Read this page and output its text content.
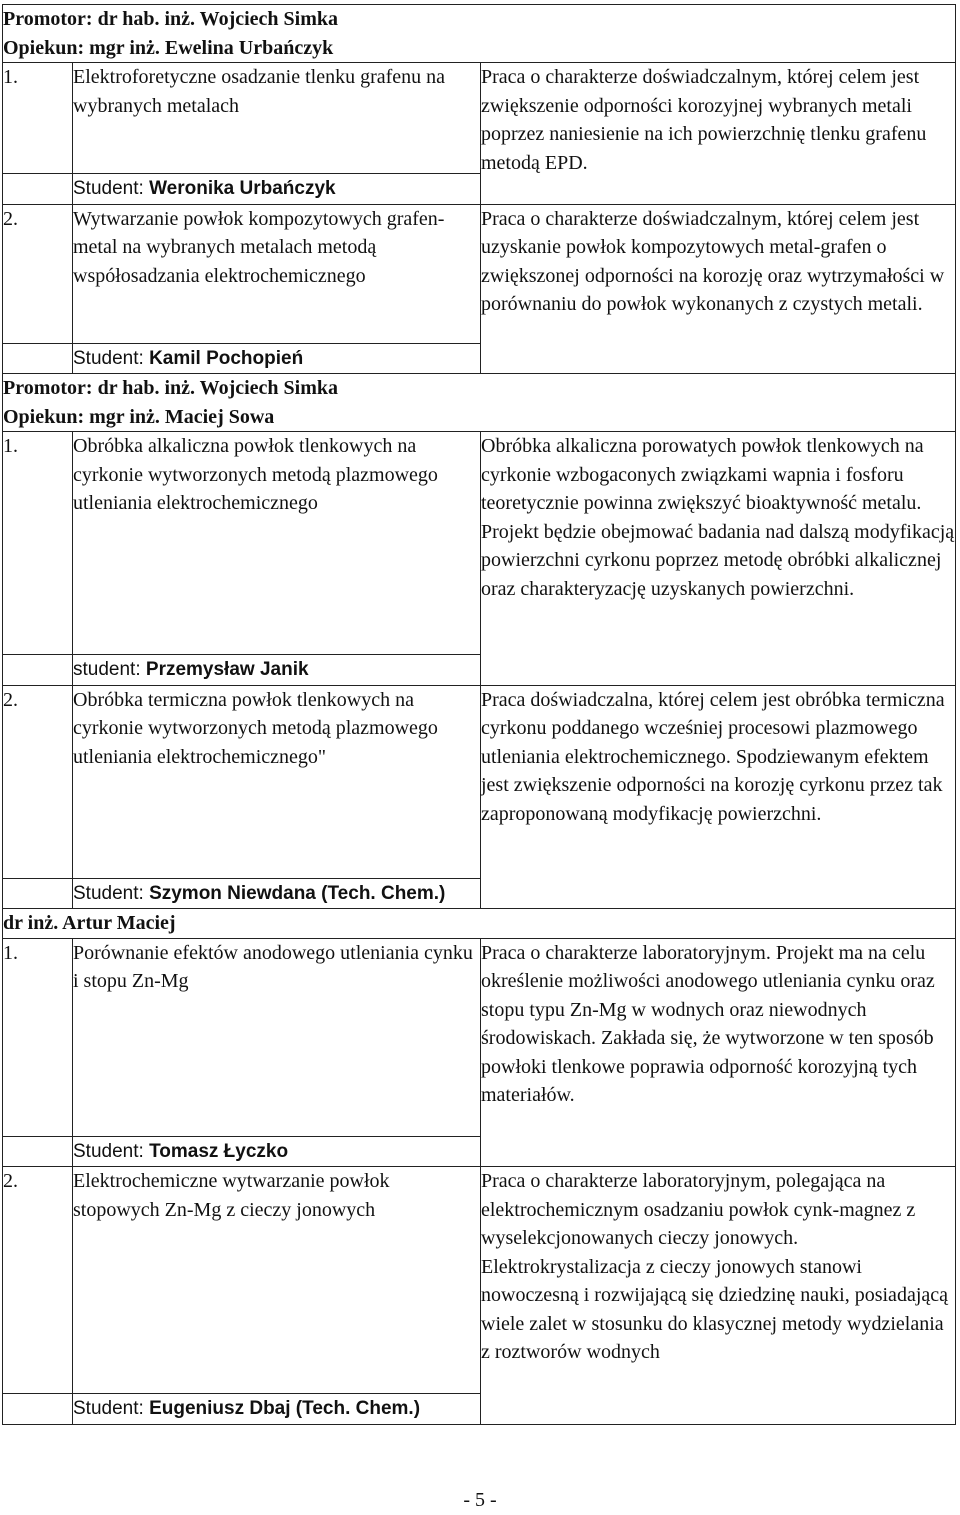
Promotor: dr hab. inż. Wojciech Simka
Opiekun: mgr inż. Ewelina Urbańczyk		

1.	Elektroforetyczne osadzanie tlenku grafenu na wybranych metalach	Praca o charakterze doświadczalnym, której celem jest zwiększenie odporności korozyjnej wybranych metali poprzez naniesienie na ich powierzchnię tlenku grafenu metodą EPD.
	Student: Weronika Urbańczyk	
2.	Wytwarzanie powłok kompozytowych grafen-metal na wybranych metalach metodą współosadzania elektrochemicznego	Praca o charakterze doświadczalnym, której celem jest uzyskanie powłok kompozytowych metal-grafen o zwiększonej odporności na korozję oraz wytrzymałości w porównaniu do powłok wykonanych z czystych metali.
	Student: Kamil Pochopień	

Promotor: dr hab. inż. Wojciech Simka
Opiekun: mgr inż. Maciej Sowa		

1.	Obróbka alkaliczna powłok tlenkowych na cyrkonie wytworzonych metodą plazmowego utleniania elektrochemicznego	Obróbka alkaliczna porowatych powłok tlenkowych na cyrkonie wzbogaconych związkami wapnia i fosforu teoretycznie powinna zwiększyć bioaktywność metalu. Projekt będzie obejmować badania nad dalszą modyfikacją powierzchni cyrkonu poprzez metodę obróbki alkalicznej oraz charakteryzację uzyskanych powierzchni.
	student: Przemysław Janik	
2.	Obróbka termiczna powłok tlenkowych na cyrkonie wytworzonych metodą plazmowego utleniania elektrochemicznego"	Praca doświadczalna, której celem jest obróbka termiczna cyrkonu poddanego wcześniej procesowi plazmowego utleniania elektrochemicznego. Spodziewanym efektem jest zwiększenie odporności na korozję cyrkonu przez tak zaproponowaną modyfikację powierzchni.
	Student: Szymon Niewdana (Tech. Chem.)	

dr inż. Artur Maciej		

1.	Porównanie efektów anodowego utleniania cynku i stopu Zn-Mg	Praca o charakterze laboratoryjnym. Projekt ma na celu określenie możliwości anodowego utleniania cynku oraz stopu typu Zn-Mg w wodnych oraz niewodnych środowiskach. Zakłada się, że wytworzone w ten sposób powłoki tlenkowe poprawia odporność korozyjną tych materiałów.
	Student: Tomasz Łyczko	
2.	Elektrochemiczne wytwarzanie powłok stopowych Zn-Mg z cieczy jonowych	Praca o charakterze laboratoryjnym, polegająca na elektrochemicznym osadzaniu powłok cynk-magnez z wyselekcjonowanych cieczy jonowych. Elektrokrystalizacja z cieczy jonowych stanowi nowoczesną i rozwijającą się dziedzinę nauki, posiadającą wiele zalet w stosunku do klasycznej metody wydzielania z roztworów wodnych
	Student: Eugeniusz Dbaj (Tech. Chem.)	
- 5 -
